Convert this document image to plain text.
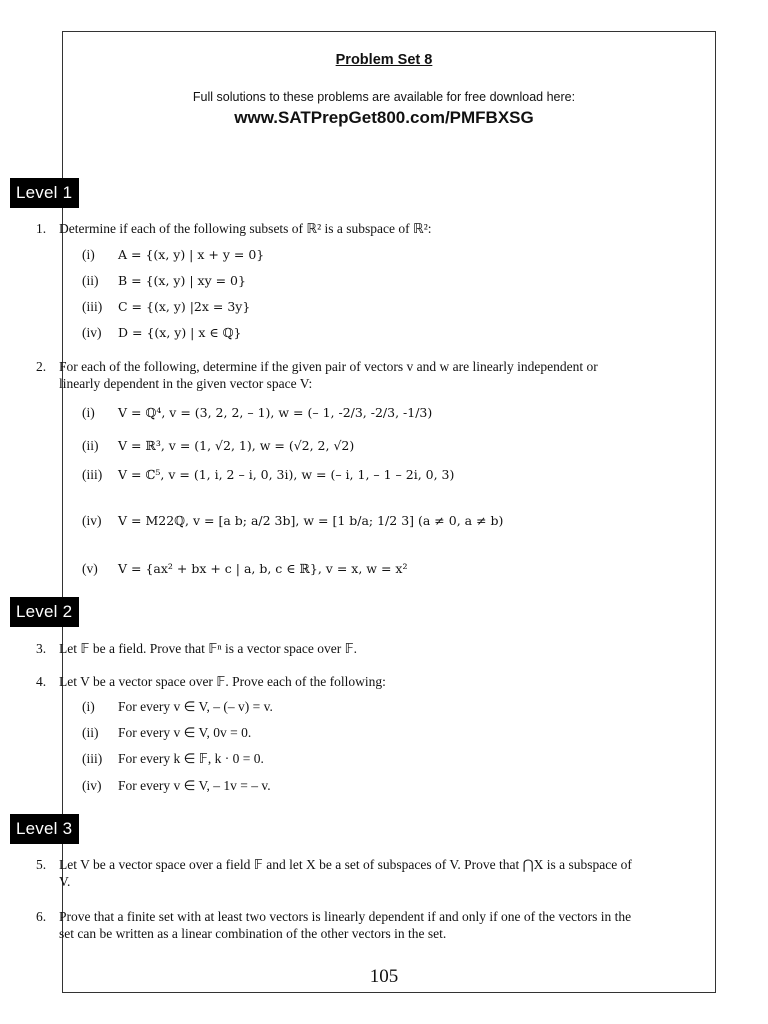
Problem Set 8
Full solutions to these problems are available for free download here:
www.SATPrepGet800.com/PMFBXSG
Level 1
1. Determine if each of the following subsets of ℝ² is a subspace of ℝ²:
(i) A = {(x, y) | x + y = 0}
(ii) B = {(x, y) | xy = 0}
(iii) C = {(x, y) |2x = 3y}
(iv) D = {(x, y) | x ∈ ℚ}
2. For each of the following, determine if the given pair of vectors v and w are linearly independent or linearly dependent in the given vector space V:
(i) V = ℚ⁴, v = (3, 2, 2, – 1), w = (– 1, -2/3, -2/3, -1/3)
(ii) V = ℝ³, v = (1, √2, 1), w = (√2, 2, √2)
(iii) V = ℂ⁵, v = (1, i, 2 – i, 0, 3i), w = (– i, 1, – 1 – 2i, 0, 3)
(iv) V = M22ℚ, v = [a b; a/2 3b], w = [1 b/a; 1/2 3] (a ≠ 0, a ≠ b)
(v) V = {ax² + bx + c | a, b, c ∈ ℝ}, v = x, w = x²
Level 2
3. Let 𝔽 be a field. Prove that 𝔽ⁿ is a vector space over 𝔽.
4. Let V be a vector space over 𝔽. Prove each of the following:
(i) For every v ∈ V, – (– v) = v.
(ii) For every v ∈ V, 0v = 0.
(iii) For every k ∈ 𝔽, k · 0 = 0.
(iv) For every v ∈ V, – 1v = – v.
Level 3
5. Let V be a vector space over a field 𝔽 and let X be a set of subspaces of V. Prove that ⋂X is a subspace of V.
6. Prove that a finite set with at least two vectors is linearly dependent if and only if one of the vectors in the set can be written as a linear combination of the other vectors in the set.
105
